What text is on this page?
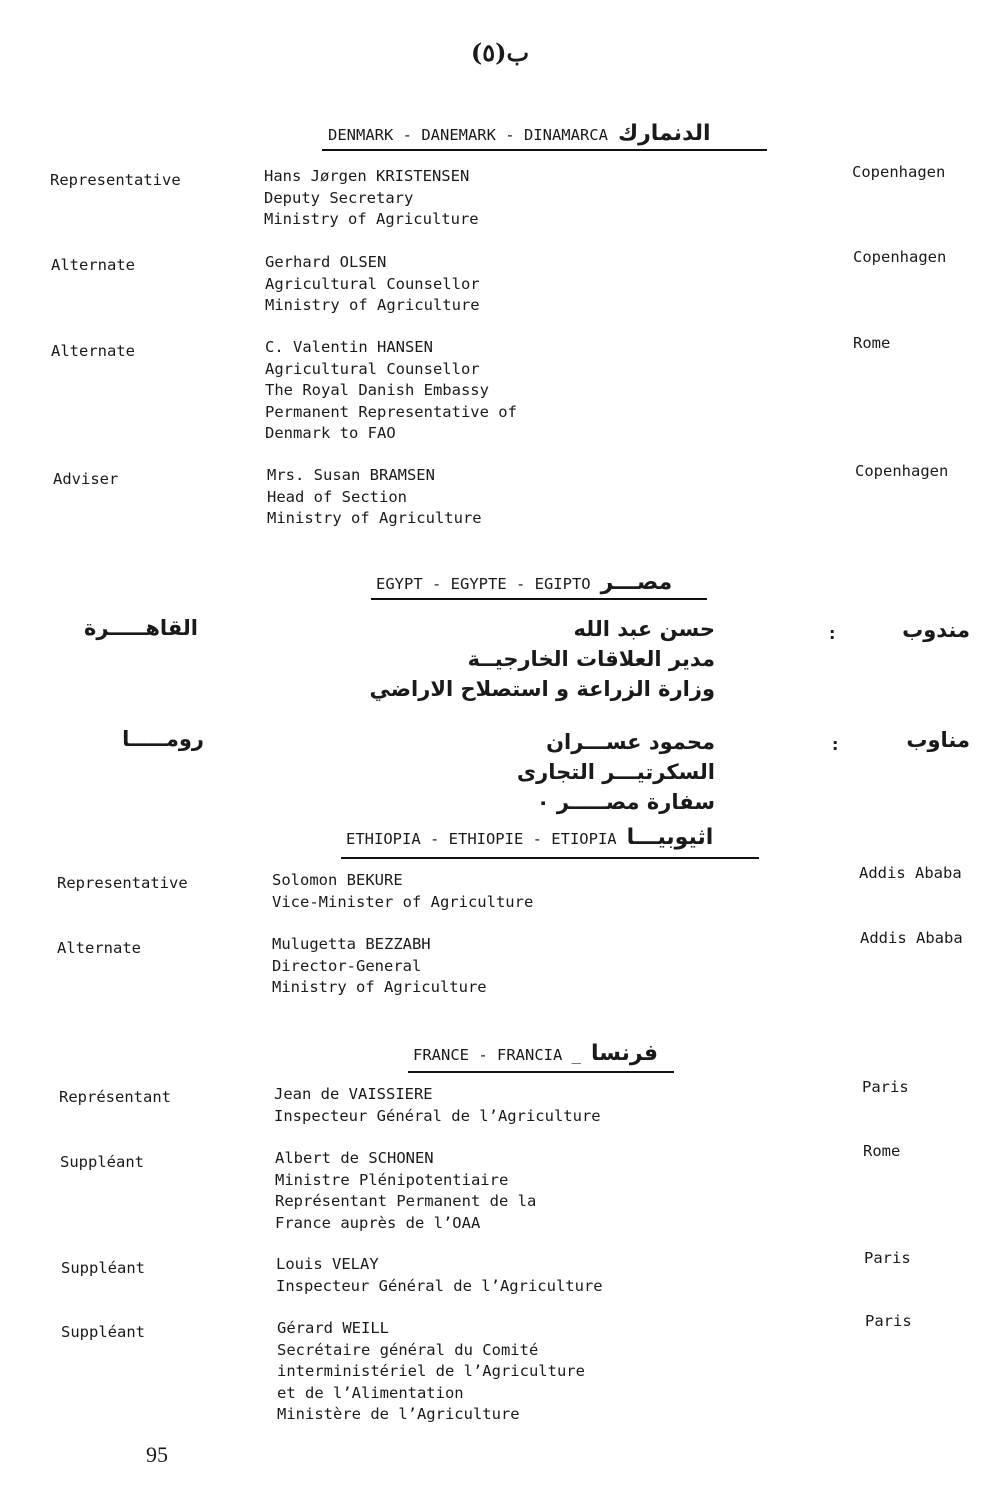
ب(٥)
DENMARK - DANEMARK - DINAMARCA الدنمارك
Representative	Hans Jørgen KRISTENSEN
Deputy Secretary
Ministry of Agriculture
Copenhagen
Alternate	Gerhard OLSEN
Agricultural Counsellor
Ministry of Agriculture
Copenhagen
Alternate	C. Valentin HANSEN
Agricultural Counsellor
The Royal Danish Embassy
Permanent Representative of
Denmark to FAO
Rome
Adviser	Mrs. Susan BRAMSEN
Head of Section
Ministry of Agriculture
Copenhagen
EGYPT - EGYPTE - EGIPTO مصـــر
مندوب
:
حسن عبد الله
مدير العلاقات الخارجيــة
وزارة الزراعة و استصلاح الاراضي
القاهـــــرة
مناوب
:
محمود عســـران
السكرتيـــر التجارى
سفارة مصـــــر ٠
رومـــــا
ETHIOPIA - ETHIOPIE - ETIOPIA اثيوبيـــا
Representative	Solomon BEKURE
Vice-Minister of Agriculture
Addis Ababa
Alternate	Mulugetta BEZZABH
Director-General
Ministry of Agriculture
Addis Ababa
FRANCE - FRANCIA _ فرنسا
Représentant	Jean de VAISSIERE
Inspecteur Général de l’Agriculture
Paris
Suppléant	Albert de SCHONEN
Ministre Plénipotentiaire
Représentant Permanent de la
France auprès de l’OAA
Rome
Suppléant	Louis VELAY
Inspecteur Général de l’Agriculture
Paris
Suppléant	Gérard WEILL
Secrétaire général du Comité
interministériel de l’Agriculture
et de l’Alimentation
Ministère de l’Agriculture
Paris
95
